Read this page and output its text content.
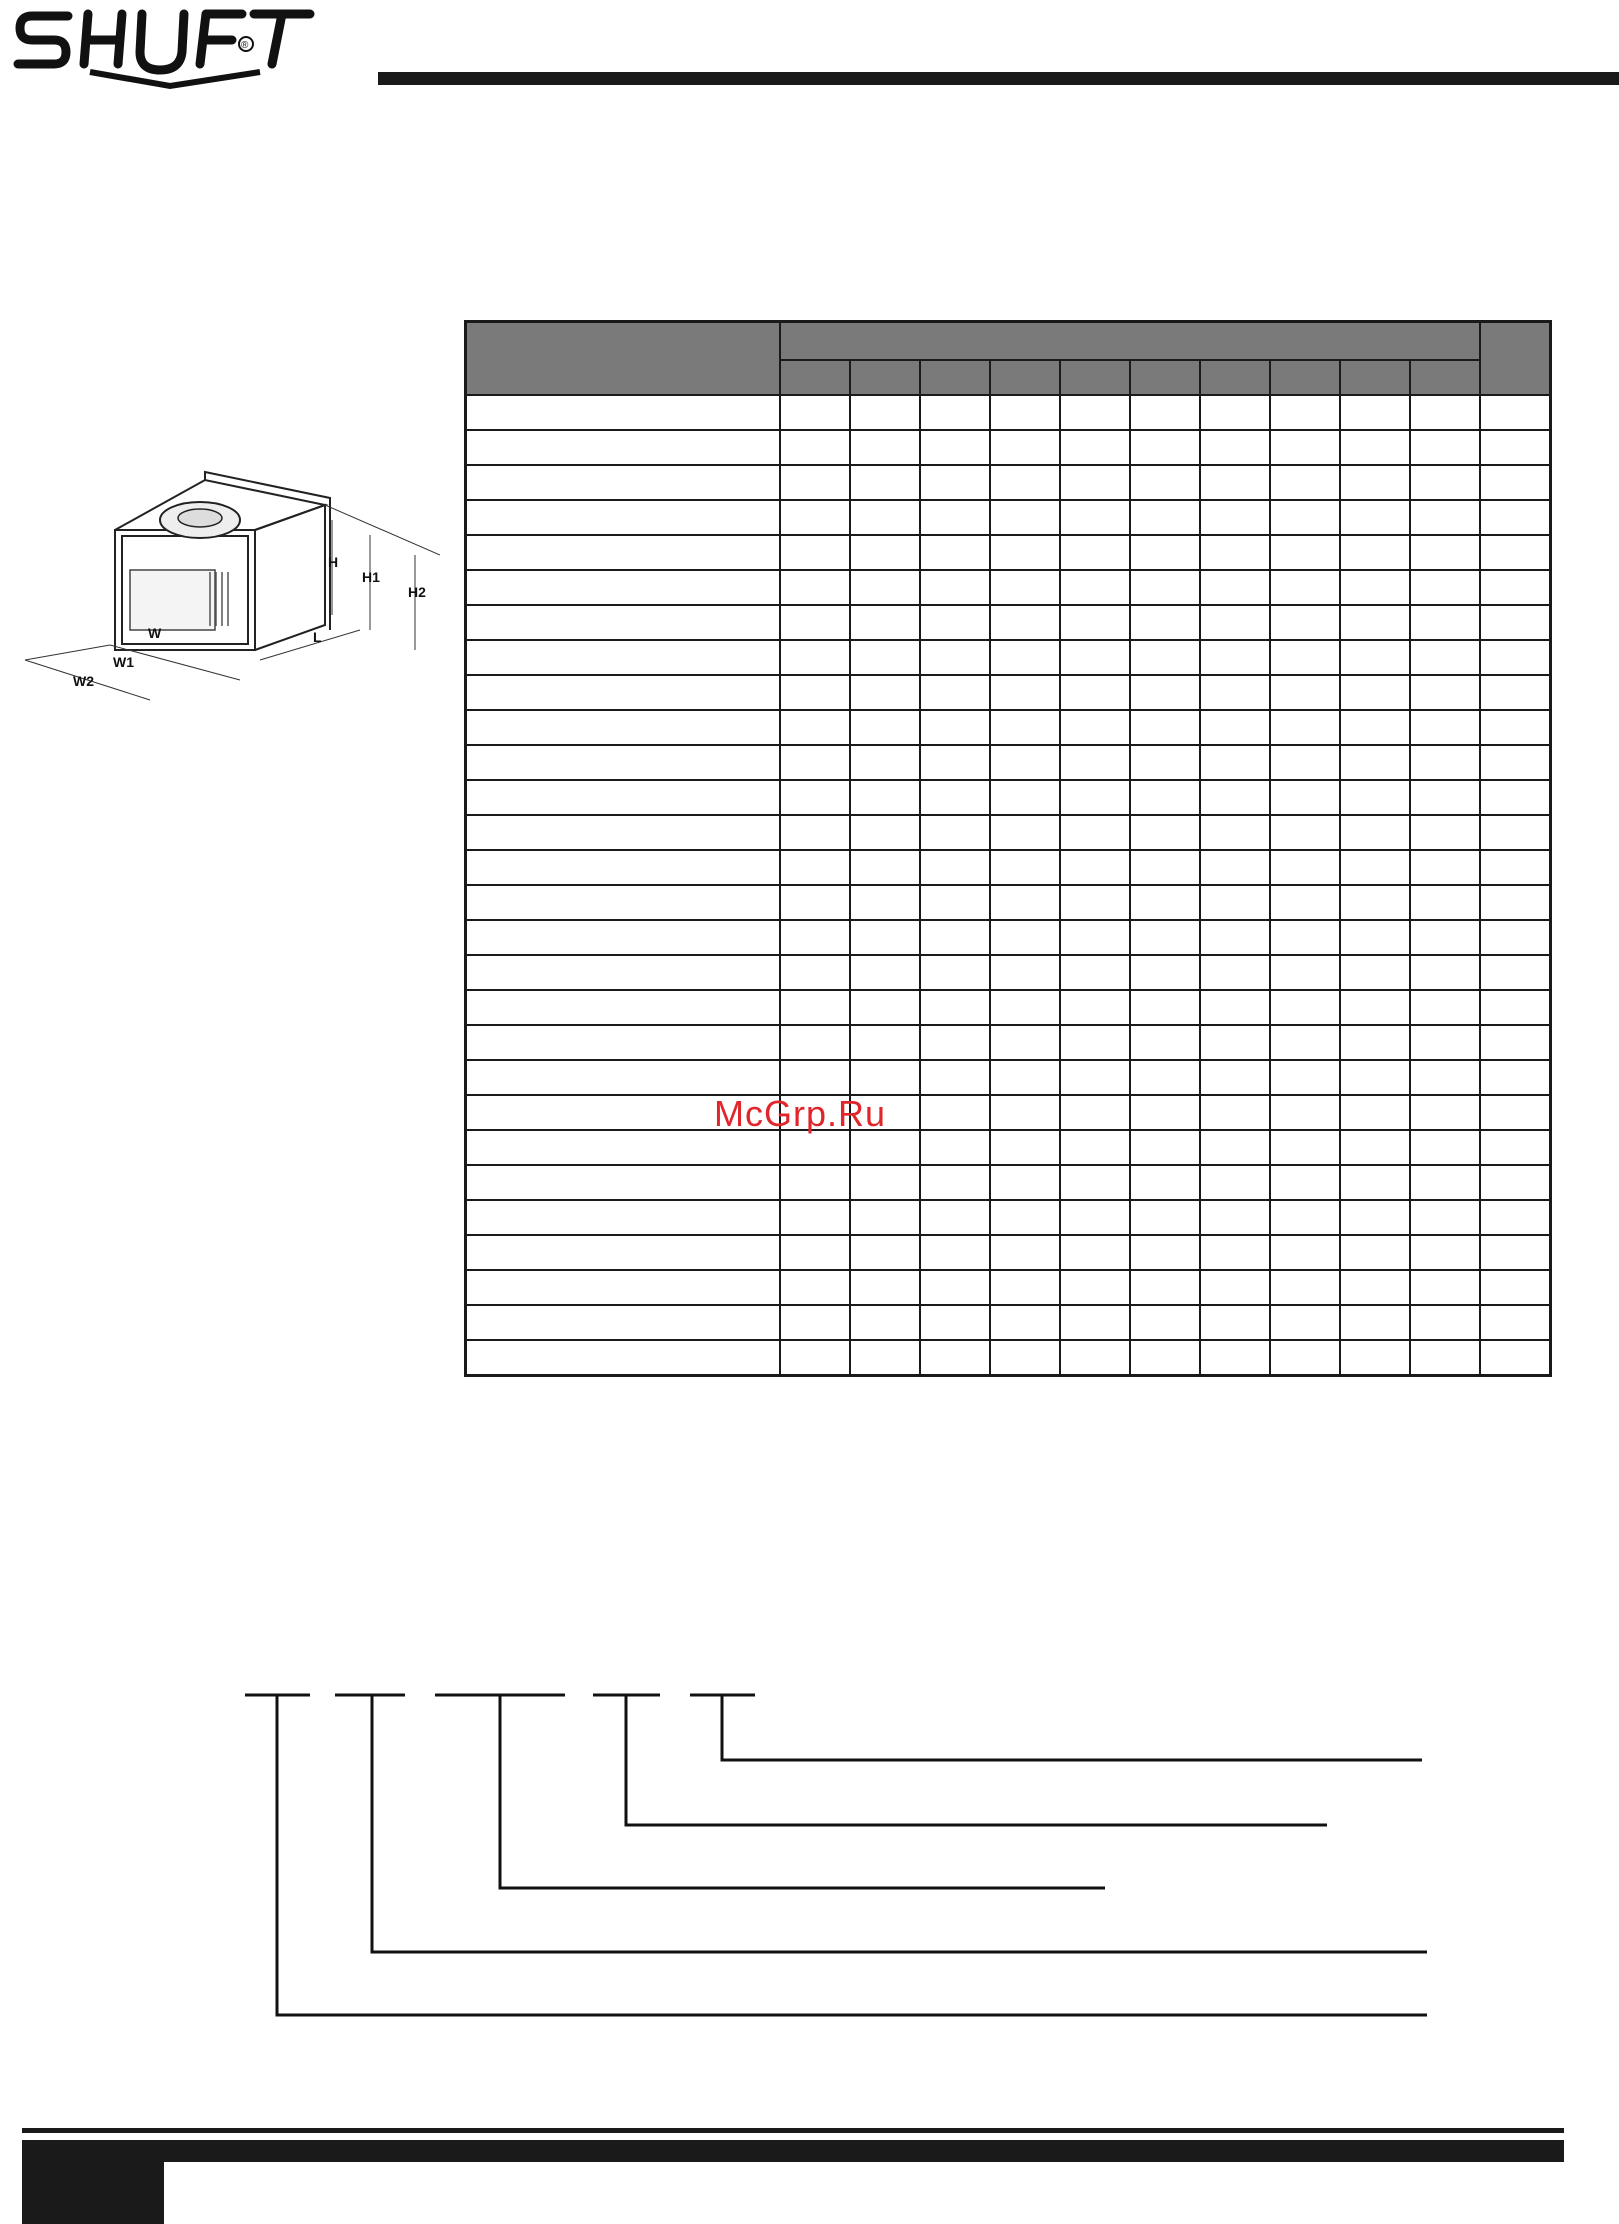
®
H
H1
H2
L
W
W1
W2

McGrp.Ru
